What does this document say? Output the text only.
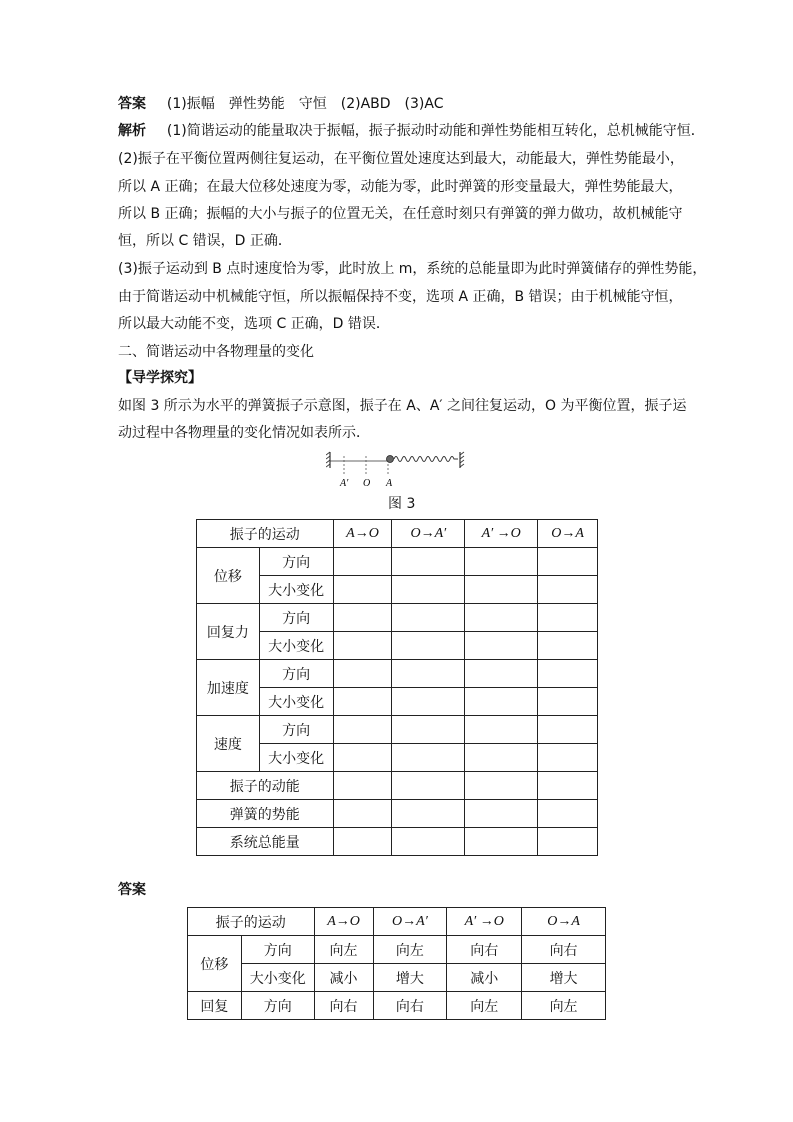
答案 (1)振幅　弹性势能　守恒　(2)ABD　(3)AC
解析 (1)简谐运动的能量取决于振幅，振子振动时动能和弹性势能相互转化，总机械能守恒．
(2)振子在平衡位置两侧往复运动，在平衡位置处速度达到最大，动能最大，弹性势能最小，
所以 A 正确；在最大位移处速度为零，动能为零，此时弹簧的形变量最大，弹性势能最大，
所以 B 正确；振幅的大小与振子的位置无关，在任意时刻只有弹簧的弹力做功，故机械能守
恒，所以 C 错误，D 正确．
(3)振子运动到 B 点时速度恰为零，此时放上 m，系统的总能量即为此时弹簧储存的弹性势能，
由于简谐运动中机械能守恒，所以振幅保持不变，选项 A 正确，B 错误；由于机械能守恒，
所以最大动能不变，选项 C 正确，D 错误．
二、简谐运动中各物理量的变化
【导学探究】
如图 3 所示为水平的弹簧振子示意图，振子在 A、A′ 之间往复运动，O 为平衡位置，振子运
动过程中各物理量的变化情况如表所示．
A′ O A
图 3
振子的运动		A→O	O→A′	A′ →O	O→A
位移	方向				
	大小变化				
回复力	方向				
	大小变化				
加速度	方向				
	大小变化				
速度	方向				
	大小变化				
振子的动能					
弹簧的势能					
系统总能量					
答案
振子的运动		A→O	O→A′	A′ →O	O→A
位移	方向	向左	向左	向右	向右
	大小变化	减小	增大	减小	增大
回复	方向	向右	向右	向左	向左
